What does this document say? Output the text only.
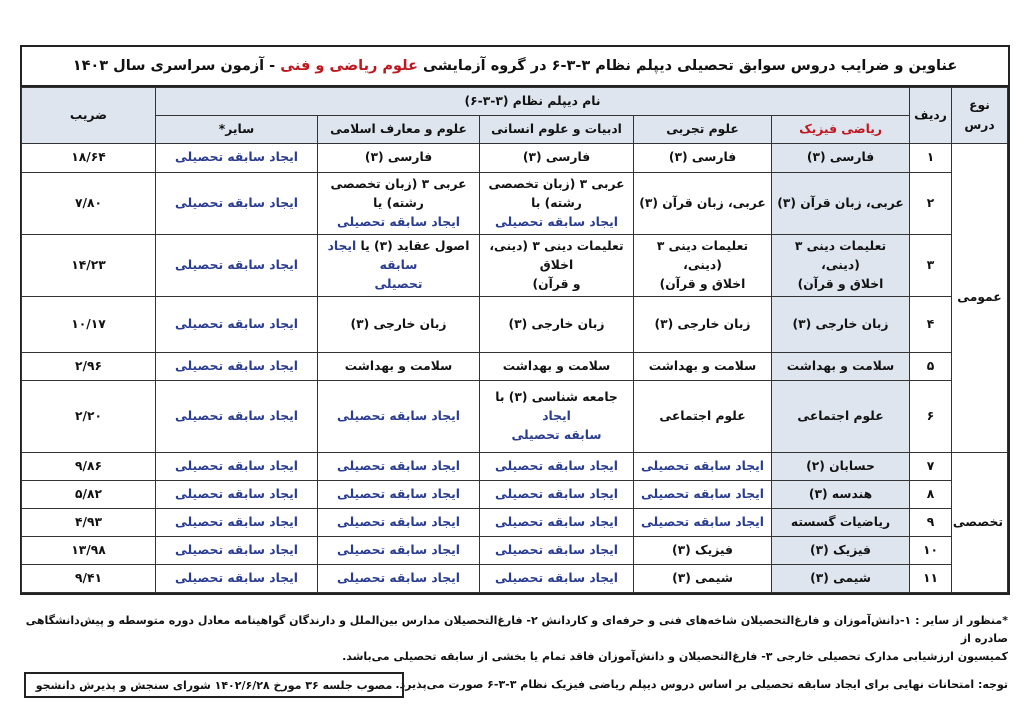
عناوین و ضرایب دروس سوابق تحصیلی دیپلم نظام ۳-۳-۶ در گروه آزمایشی

علوم ریاضی و فنی

- آزمون سراسری سال ۱۴۰۳
نوع درس	ردیف	نام دیپلم نظام (۳-۳-۶)					ضریب
		ریاضی فیزیک	علوم تجربی	ادبیات و علوم انسانی	علوم و معارف اسلامی	سایر*	
عمومی	۱	فارسی (۳)	فارسی (۳)	فارسی (۳)	فارسی (۳)	ایجاد سابقه تحصیلی	۱۸/۶۴
	۲	عربی، زبان قرآن (۳)	عربی، زبان قرآن (۳)	عربی ۳ (زبان تخصصی رشته) با
ایجاد سابقه تحصیلی	عربی ۳ (زبان تخصصی رشته) یا
ایجاد سابقه تحصیلی	ایجاد سابقه تحصیلی	۷/۸۰
	۳	تعلیمات دینی ۳ (دینی،
اخلاق و قرآن)	تعلیمات دینی ۳ (دینی،
اخلاق و قرآن)	تعلیمات دینی ۳ (دینی، اخلاق
و قرآن)	اصول عقاید (۳) یا ایجاد سابقه
تحصیلی	ایجاد سابقه تحصیلی	۱۴/۲۳
	۴	زبان خارجی (۳)	زبان خارجی (۳)	زبان خارجی (۳)	زبان خارجی (۳)	ایجاد سابقه تحصیلی	۱۰/۱۷
	۵	سلامت و بهداشت	سلامت و بهداشت	سلامت و بهداشت	سلامت و بهداشت	ایجاد سابقه تحصیلی	۲/۹۶
	۶	علوم اجتماعی	علوم اجتماعی	جامعه شناسی (۳) با ایجاد
سابقه تحصیلی	ایجاد سابقه تحصیلی	ایجاد سابقه تحصیلی	۲/۲۰
تخصصی	۷	حسابان (۲)	ایجاد سابقه تحصیلی	ایجاد سابقه تحصیلی	ایجاد سابقه تحصیلی	ایجاد سابقه تحصیلی	۹/۸۶
	۸	هندسه (۳)	ایجاد سابقه تحصیلی	ایجاد سابقه تحصیلی	ایجاد سابقه تحصیلی	ایجاد سابقه تحصیلی	۵/۸۲
	۹	ریاضیات گسسته	ایجاد سابقه تحصیلی	ایجاد سابقه تحصیلی	ایجاد سابقه تحصیلی	ایجاد سابقه تحصیلی	۴/۹۳
	۱۰	فیزیک (۳)	فیزیک (۳)	ایجاد سابقه تحصیلی	ایجاد سابقه تحصیلی	ایجاد سابقه تحصیلی	۱۳/۹۸
	۱۱	شیمی (۳)	شیمی (۳)	ایجاد سابقه تحصیلی	ایجاد سابقه تحصیلی	ایجاد سابقه تحصیلی	۹/۴۱
*منظور از سایر : ۱-دانش‌آموزان و فارغ‌التحصیلان شاخه‌های فنی و حرفه‌ای و کاردانش ۲- فارغ‌التحصیلان مدارس بین‌الملل و دارندگان گواهینامه معادل دوره متوسطه و پیش‌دانشگاهی صادره از
کمیسیون ارزشیابی مدارک تحصیلی خارجی ۳- فارغ‌التحصیلان و دانش‌آموزان فاقد تمام یا بخشی از سابقه تحصیلی می‌باشد.
توجه: امتحانات نهایی برای ایجاد سابقه تحصیلی بر اساس دروس دیپلم ریاضی فیزیک نظام ۳-۳-۶ صورت می‌پذیرد.
مصوب جلسه ۳۶ مورخ ۱۴۰۲/۶/۲۸ شورای سنجش و پذیرش دانشجو
